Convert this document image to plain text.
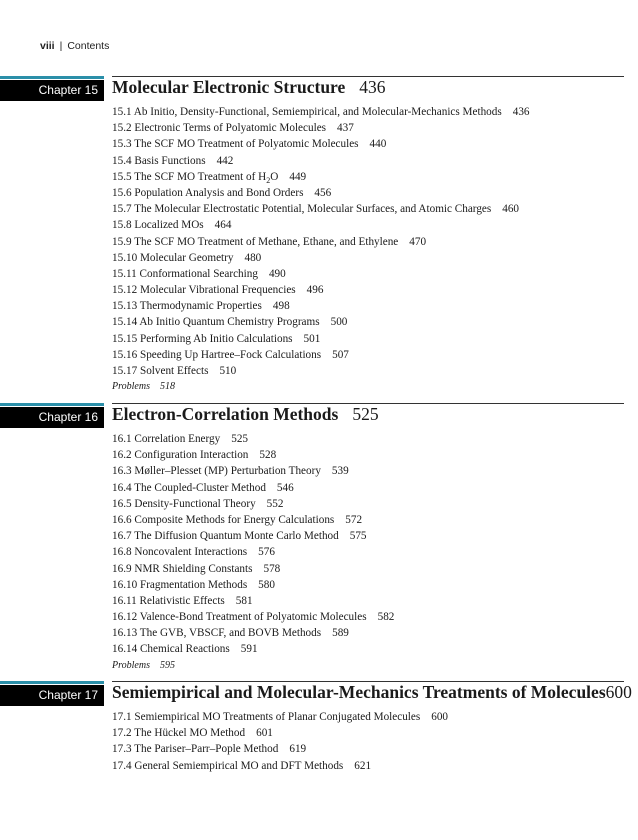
viii | Contents
Chapter 15 Molecular Electronic Structure 436
15.1 Ab Initio, Density-Functional, Semiempirical, and Molecular-Mechanics Methods 436
15.2 Electronic Terms of Polyatomic Molecules 437
15.3 The SCF MO Treatment of Polyatomic Molecules 440
15.4 Basis Functions 442
15.5 The SCF MO Treatment of $H_2O$ 449
15.6 Population Analysis and Bond Orders 456
15.7 The Molecular Electrostatic Potential, Molecular Surfaces, and Atomic Charges 460
15.8 Localized MOs 464
15.9 The SCF MO Treatment of Methane, Ethane, and Ethylene 470
15.10 Molecular Geometry 480
15.11 Conformational Searching 490
15.12 Molecular Vibrational Frequencies 496
15.13 Thermodynamic Properties 498
15.14 Ab Initio Quantum Chemistry Programs 500
15.15 Performing Ab Initio Calculations 501
15.16 Speeding Up Hartree–Fock Calculations 507
15.17 Solvent Effects 510
Problems 518
Chapter 16 Electron-Correlation Methods 525
16.1 Correlation Energy 525
16.2 Configuration Interaction 528
16.3 Møller–Plesset (MP) Perturbation Theory 539
16.4 The Coupled-Cluster Method 546
16.5 Density-Functional Theory 552
16.6 Composite Methods for Energy Calculations 572
16.7 The Diffusion Quantum Monte Carlo Method 575
16.8 Noncovalent Interactions 576
16.9 NMR Shielding Constants 578
16.10 Fragmentation Methods 580
16.11 Relativistic Effects 581
16.12 Valence-Bond Treatment of Polyatomic Molecules 582
16.13 The GVB, VBSCF, and BOVB Methods 589
16.14 Chemical Reactions 591
Problems 595
Chapter 17 Semiempirical and Molecular-Mechanics Treatments of Molecules 600
17.1 Semiempirical MO Treatments of Planar Conjugated Molecules 600
17.2 The Hückel MO Method 601
17.3 The Pariser–Parr–Pople Method 619
17.4 General Semiempirical MO and DFT Methods 621
